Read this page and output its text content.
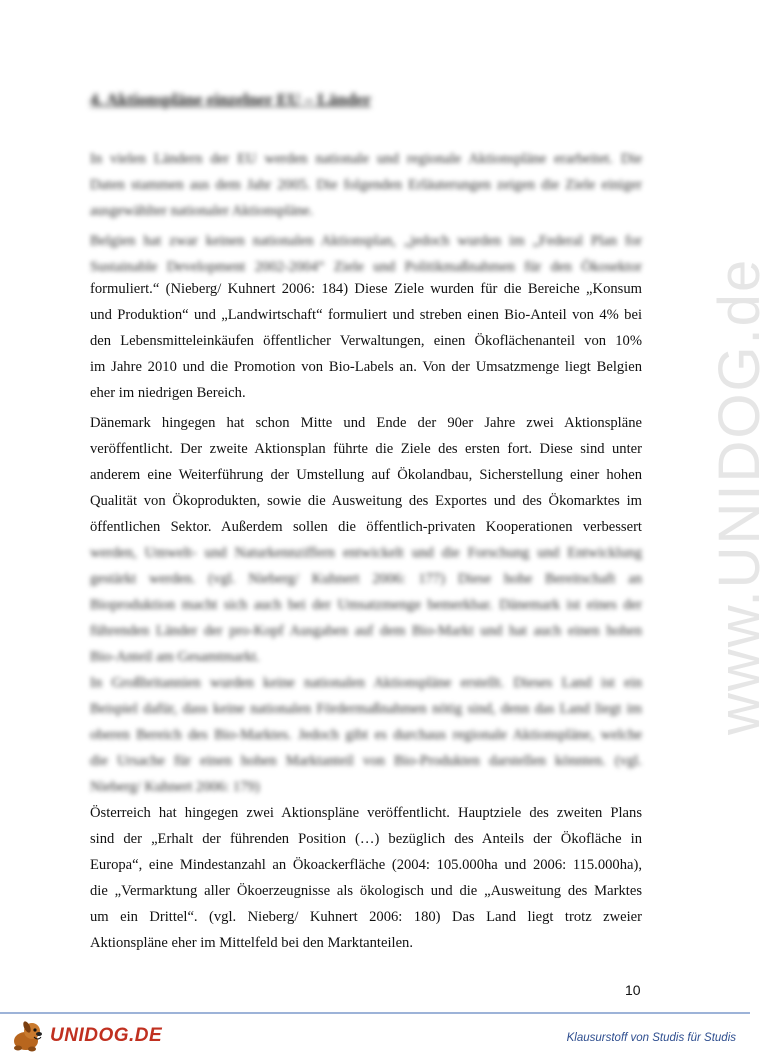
www.UNIDOG.de
4. Aktionspläne einzelner EU – Länder
In vielen Ländern der EU werden nationale und regionale Aktionspläne erarbeitet. Die
Daten stammen aus dem Jahr 2005. Die folgenden Erläuterungen zeigen die Ziele einiger
ausgewählter nationaler Aktionspläne.
Belgien hat zwar keinen nationalen Aktionsplan, „jedoch wurden im „Federal Plan for
Sustainable Development 2002-2004“ Ziele und Politikmaßnahmen für den Ökosektor
formuliert.“ (Nieberg/ Kuhnert 2006: 184) Diese Ziele wurden für die Bereiche „Konsum
und Produktion“ und „Landwirtschaft“ formuliert und streben einen Bio-Anteil von 4% bei
den Lebensmitteleinkäufen öffentlicher Verwaltungen, einen Ökoflächenanteil von 10%
im Jahre 2010 und die Promotion von Bio-Labels an. Von der Umsatzmenge liegt Belgien
eher im niedrigen Bereich.
Dänemark hingegen hat schon Mitte und Ende der 90er Jahre zwei Aktionspläne
veröffentlicht. Der zweite Aktionsplan führte die Ziele des ersten fort. Diese sind unter
anderem eine Weiterführung der Umstellung auf Ökolandbau, Sicherstellung einer hohen
Qualität von Ökoprodukten, sowie die Ausweitung des Exportes und des Ökomarktes im
öffentlichen Sektor. Außerdem sollen die öffentlich-privaten Kooperationen verbessert
werden, Umwelt- und Naturkennziffern entwickelt und die Forschung und Entwicklung
gestärkt werden. (vgl. Nieberg/ Kuhnert 2006: 177) Diese hohe Bereitschaft an
Bioproduktion macht sich auch bei der Umsatzmenge bemerkbar. Dänemark ist eines der
führenden Länder der pro-Kopf Ausgaben auf dem Bio-Markt und hat auch einen hohen
Bio-Anteil am Gesamtmarkt.
In Großbritannien wurden keine nationalen Aktionspläne erstellt. Dieses Land ist ein
Beispiel dafür, dass keine nationalen Fördermaßnahmen nötig sind, denn das Land liegt im
oberen Bereich des Bio-Marktes. Jedoch gibt es durchaus regionale Aktionspläne, welche
die Ursache für einen hohen Marktanteil von Bio-Produkten darstellen könnten. (vgl.
Nieberg/ Kuhnert 2006: 179)
Österreich hat hingegen zwei Aktionspläne veröffentlicht. Hauptziele des zweiten Plans
sind der „Erhalt der führenden Position (…) bezüglich des Anteils der Ökofläche in
Europa“, eine Mindestanzahl an Ökoackerfläche (2004: 105.000ha und 2006: 115.000ha),
die „Vermarktung aller Ökoerzeugnisse als ökologisch und die „Ausweitung des Marktes
um ein Drittel“. (vgl. Nieberg/ Kuhnert 2006: 180) Das Land liegt trotz zweier
Aktionspläne eher im Mittelfeld bei den Marktanteilen.
10
UNIDOG.DE	Klausurstoff von Studis für Studis
